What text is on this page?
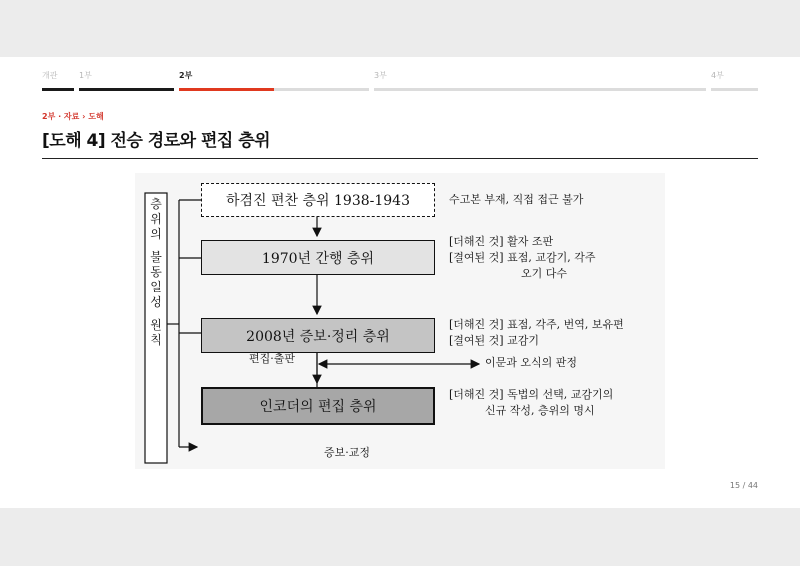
개관	1부	2부	3부	4부
2부 · 자료 › 도해
[도해 4] 전승 경로와 편집 층위
층
위
의
불
동
일
성
원
칙
하겸진 편찬 층위 1938-1943
1970년 간행 층위
2008년 증보·정리 층위
인코더의 편집 층위
편집·출판	이문과 오식의 판정
증보·교정
수고본 부재, 직접 접근 불가
[더해진 것] 활자 조판
[결여된 것] 표점, 교감기, 각주
오기 다수
[더해진 것] 표점, 각주, 번역, 보유편
[결여된 것] 교감기
[더해진 것] 독법의 선택, 교감기의
신규 작성, 층위의 명시
15 / 44
